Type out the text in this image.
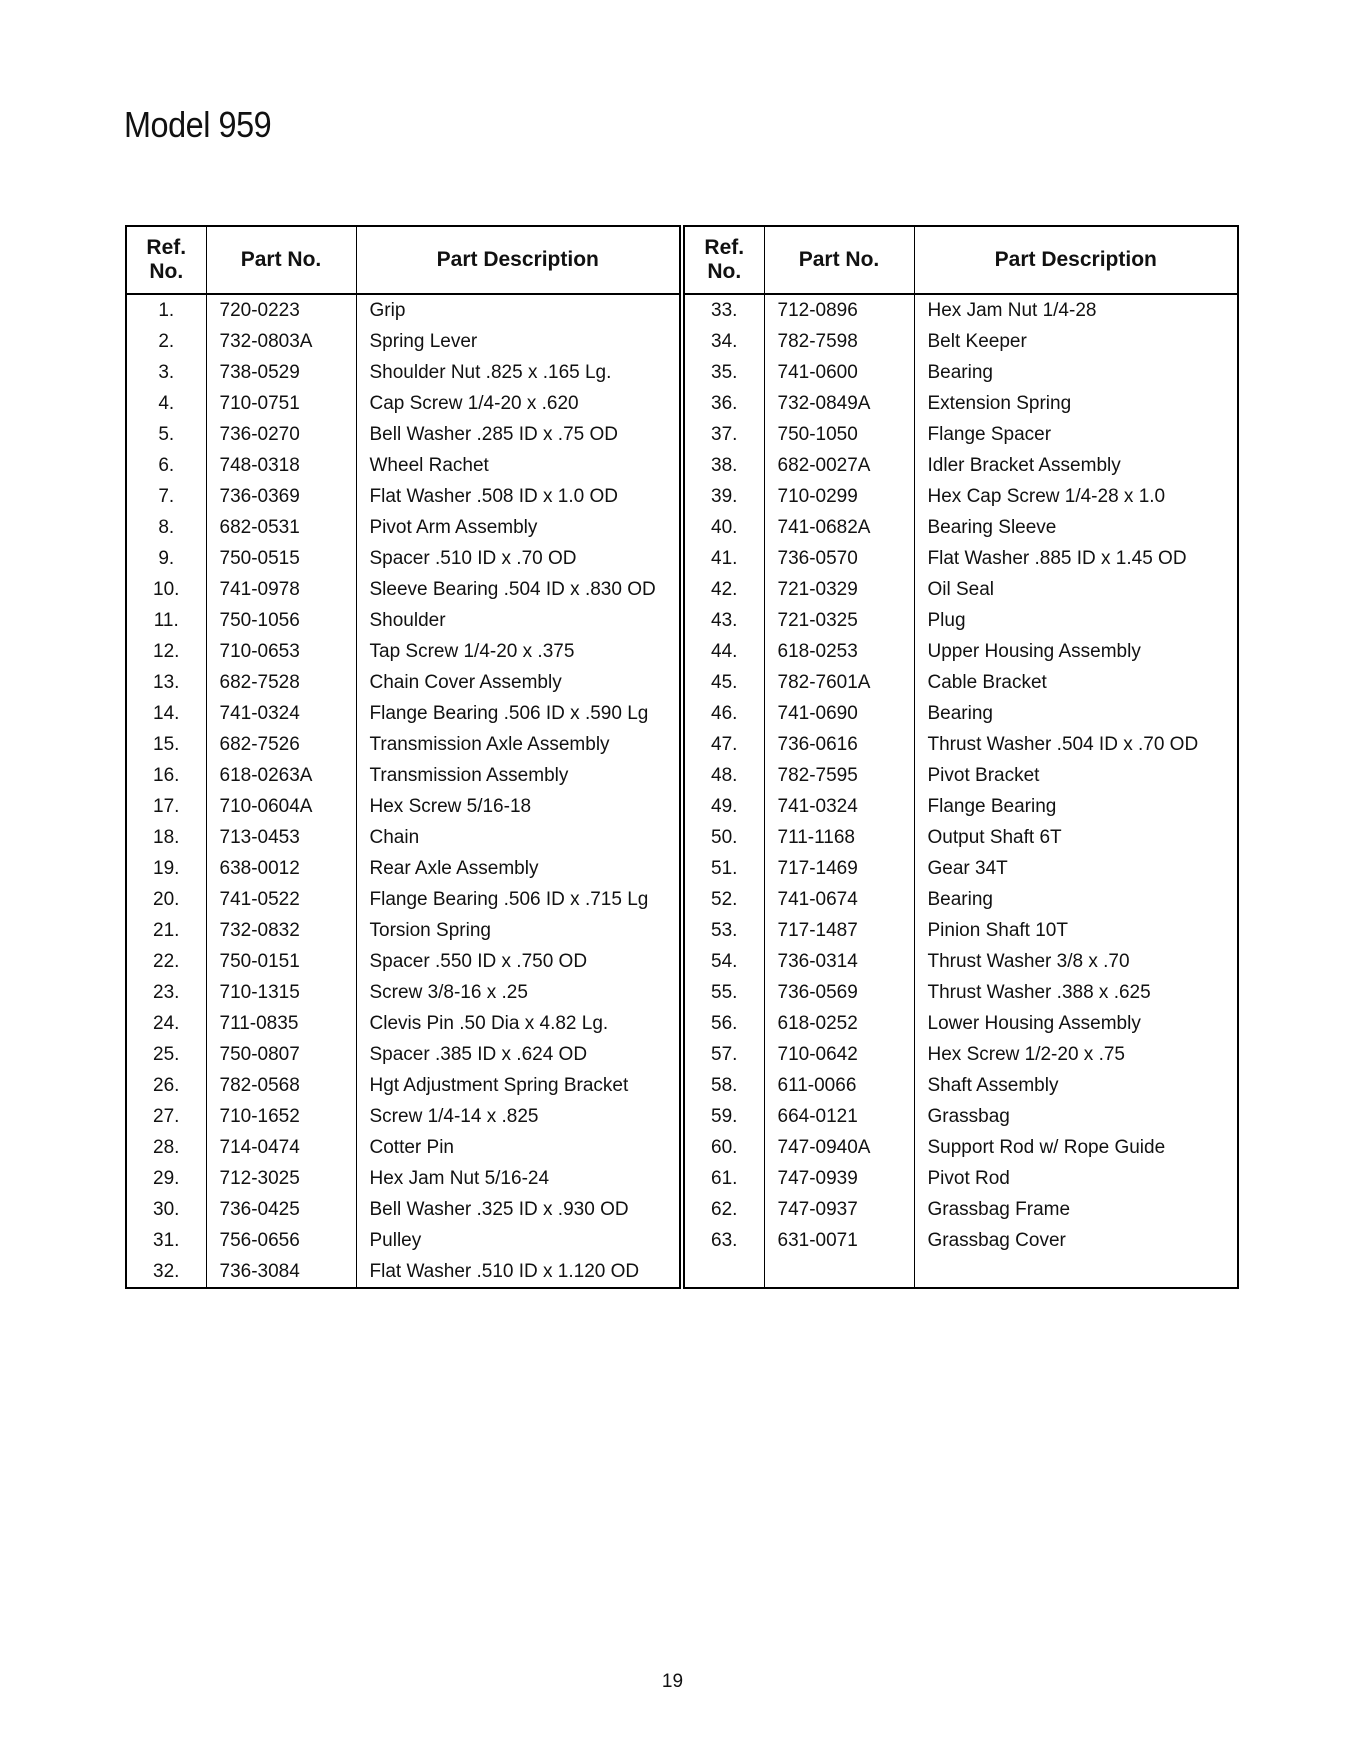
Model 959
Ref. No.	Part No.	Part Description
1.	720-0223	Grip
2.	732-0803A	Spring Lever
3.	738-0529	Shoulder Nut .825 x .165 Lg.
4.	710-0751	Cap Screw 1/4-20 x .620
5.	736-0270	Bell Washer .285 ID x .75 OD
6.	748-0318	Wheel Rachet
7.	736-0369	Flat Washer .508 ID x 1.0 OD
8.	682-0531	Pivot Arm Assembly
9.	750-0515	Spacer .510 ID x .70 OD
10.	741-0978	Sleeve Bearing .504 ID x .830 OD
11.	750-1056	Shoulder
12.	710-0653	Tap Screw 1/4-20 x .375
13.	682-7528	Chain Cover Assembly
14.	741-0324	Flange Bearing .506 ID x .590 Lg
15.	682-7526	Transmission Axle Assembly
16.	618-0263A	Transmission Assembly
17.	710-0604A	Hex Screw 5/16-18
18.	713-0453	Chain
19.	638-0012	Rear Axle Assembly
20.	741-0522	Flange Bearing .506 ID x .715 Lg
21.	732-0832	Torsion Spring
22.	750-0151	Spacer .550 ID x .750 OD
23.	710-1315	Screw 3/8-16 x .25
24.	711-0835	Clevis Pin .50 Dia x 4.82 Lg.
25.	750-0807	Spacer .385 ID x .624 OD
26.	782-0568	Hgt Adjustment Spring Bracket
27.	710-1652	Screw 1/4-14 x .825
28.	714-0474	Cotter Pin
29.	712-3025	Hex Jam Nut 5/16-24
30.	736-0425	Bell Washer .325 ID x .930 OD
31.	756-0656	Pulley
32.	736-3084	Flat Washer .510 ID x 1.120 OD
Ref. No.	Part No.	Part Description
33.	712-0896	Hex Jam Nut 1/4-28
34.	782-7598	Belt Keeper
35.	741-0600	Bearing
36.	732-0849A	Extension Spring
37.	750-1050	Flange Spacer
38.	682-0027A	Idler Bracket Assembly
39.	710-0299	Hex Cap Screw 1/4-28 x 1.0
40.	741-0682A	Bearing Sleeve
41.	736-0570	Flat Washer .885 ID x 1.45 OD
42.	721-0329	Oil Seal
43.	721-0325	Plug
44.	618-0253	Upper Housing Assembly
45.	782-7601A	Cable Bracket
46.	741-0690	Bearing
47.	736-0616	Thrust Washer .504 ID x .70 OD
48.	782-7595	Pivot Bracket
49.	741-0324	Flange Bearing
50.	711-1168	Output Shaft 6T
51.	717-1469	Gear 34T
52.	741-0674	Bearing
53.	717-1487	Pinion Shaft 10T
54.	736-0314	Thrust Washer 3/8 x .70
55.	736-0569	Thrust Washer .388 x .625
56.	618-0252	Lower Housing Assembly
57.	710-0642	Hex Screw 1/2-20 x .75
58.	611-0066	Shaft Assembly
59.	664-0121	Grassbag
60.	747-0940A	Support Rod w/ Rope Guide
61.	747-0939	Pivot Rod
62.	747-0937	Grassbag Frame
63.	631-0071	Grassbag Cover

19
